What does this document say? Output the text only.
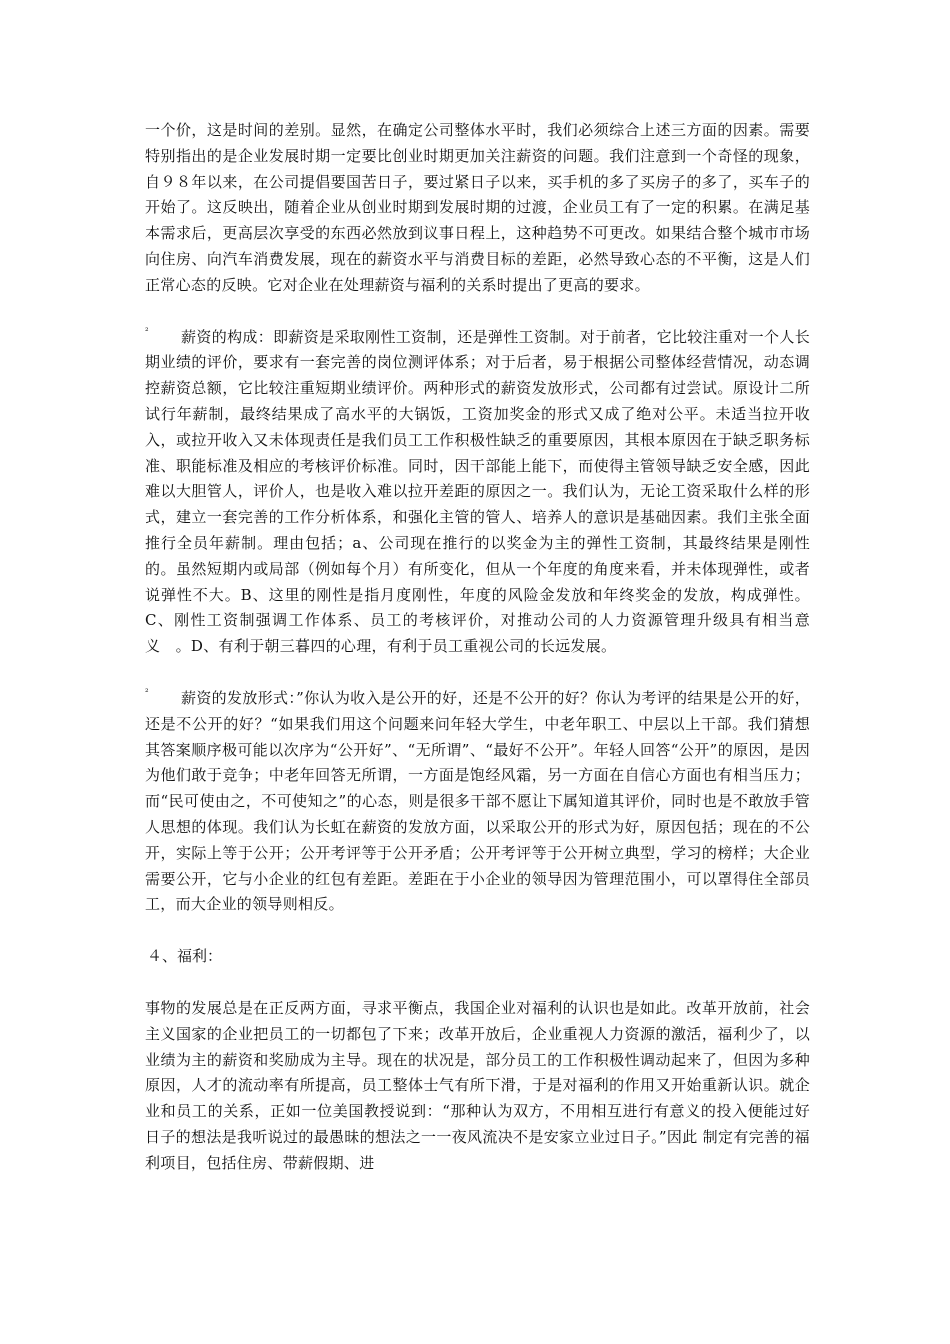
一个价，这是时间的差别。显然，在确定公司整体水平时，我们必须综合上述三方面的因素。需要特别指出的是企业发展时期一定要比创业时期更加关注薪资的问题。我们注意到一个奇怪的现象，自９８年以来，在公司提倡要国苦日子，要过紧日子以来，买手机的多了买房子的多了，买车子的开始了。这反映出，随着企业从创业时期到发展时期的过渡，企业员工有了一定的积累。在满足基本需求后，更高层次享受的东西必然放到议事日程上，这种趋势不可更改。如果结合整个城市市场向住房、向汽车消费发展，现在的薪资水平与消费目标的差距，必然导致心态的不平衡，这是人们正常心态的反映。它对企业在处理薪资与福利的关系时提出了更高的要求。

² 薪资的构成：即薪资是采取刚性工资制，还是弹性工资制。对于前者，它比较注重对一个人长期业绩的评价，要求有一套完善的岗位测评体系；对于后者，易于根据公司整体经营情况，动态调控薪资总额，它比较注重短期业绩评价。两种形式的薪资发放形式，公司都有过尝试。原设计二所试行年薪制，最终结果成了高水平的大锅饭，工资加奖金的形式又成了绝对公平。未适当拉开收入，或拉开收入又未体现责任是我们员工工作积极性缺乏的重要原因，其根本原因在于缺乏职务标准、职能标准及相应的考核评价标准。同时，因干部能上能下，而使得主管领导缺乏安全感，因此难以大胆管人，评价人，也是收入难以拉开差距的原因之一。我们认为，无论工资采取什么样的形式，建立一套完善的工作分析体系，和强化主管的管人、培养人的意识是基础因素。我们主张全面推行全员年薪制。理由包括；a、公司现在推行的以奖金为主的弹性工资制，其最终结果是刚性的。虽然短期内或局部（例如每个月）有所变化，但从一个年度的角度来看，并未体现弹性，或者说弹性不大。B、这里的刚性是指月度刚性，年度的风险金发放和年终奖金的发放，构成弹性。C、刚性工资制强调工作体系、员工的考核评价，对推动公司的人力资源管理升级具有相当意义　。D、有利于朝三暮四的心理，有利于员工重视公司的长远发展。

² 薪资的发放形式：”你认为收入是公开的好，还是不公开的好？你认为考评的结果是公开的好，还是不公开的好？“如果我们用这个问题来问年轻大学生，中老年职工、中层以上干部。我们猜想其答案顺序极可能以次序为“公开好”、“无所谓”、“最好不公开”。年轻人回答“公开”的原因，是因为他们敢于竞争；中老年回答无所谓，一方面是饱经风霜，另一方面在自信心方面也有相当压力；而“民可使由之，不可使知之”的心态，则是很多干部不愿让下属知道其评价，同时也是不敢放手管人思想的体现。我们认为长虹在薪资的发放方面，以采取公开的形式为好，原因包括；现在的不公开，实际上等于公开；公开考评等于公开矛盾；公开考评等于公开树立典型，学习的榜样；大企业需要公开，它与小企业的红包有差距。差距在于小企业的领导因为管理范围小，可以罩得住全部员工，而大企业的领导则相反。

４、福利：

事物的发展总是在正反两方面，寻求平衡点，我国企业对福利的认识也是如此。改革开放前，社会主义国家的企业把员工的一切都包了下来；改革开放后，企业重视人力资源的激活，福利少了，以业绩为主的薪资和奖励成为主导。现在的状况是，部分员工的工作积极性调动起来了，但因为多种原因，人才的流动率有所提高，员工整体士气有所下滑，于是对福利的作用又开始重新认识。就企业和员工的关系，正如一位美国教授说到：“那种认为双方，不用相互进行有意义的投入便能过好日子的想法是我听说过的最愚昧的想法之一一夜风流决不是安家立业过日子。”因此 制定有完善的福利项目，包括住房、带薪假期、进
